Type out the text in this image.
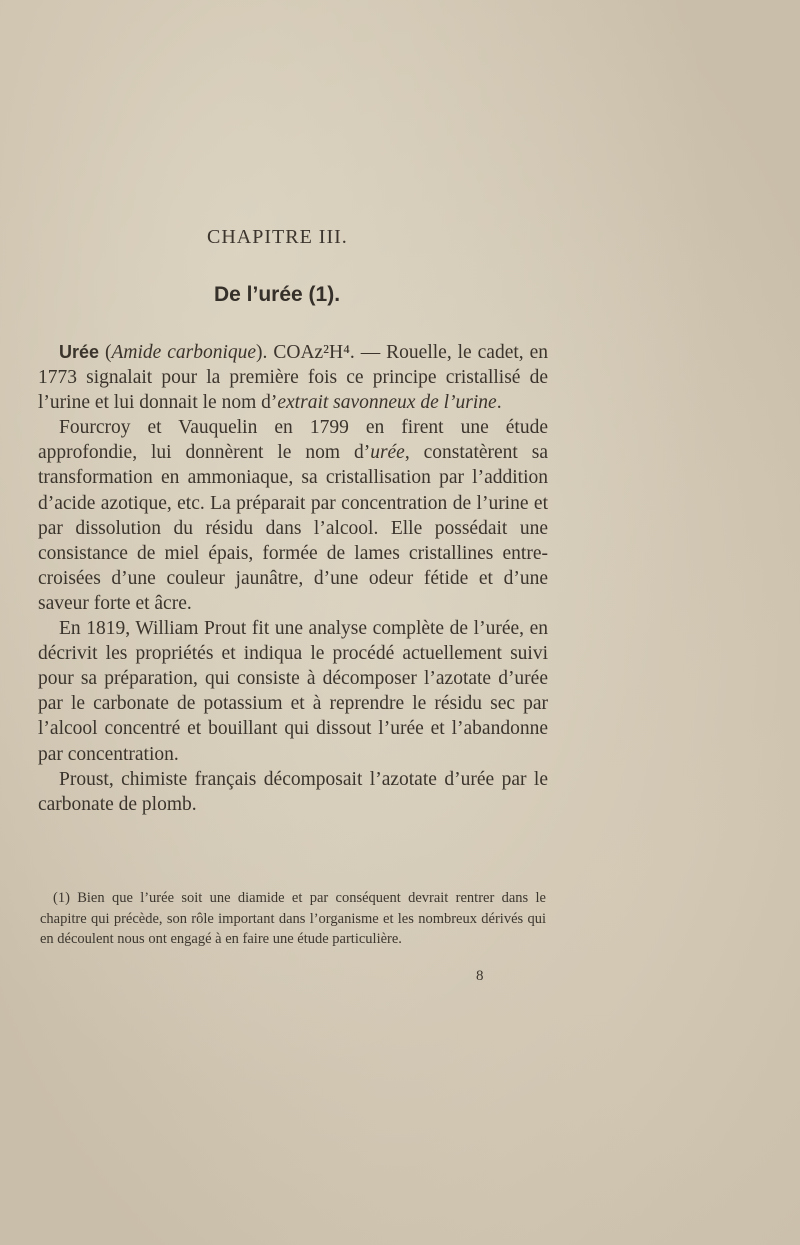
CHAPITRE III.
De l’urée (1).

Urée (Amide carbonique). COAz²H⁴. — Rouelle, le cadet, en 1773 signalait pour la première fois ce principe cristallisé de l’urine et lui donnait le nom d’extrait savonneux de l’urine.

Fourcroy et Vauquelin en 1799 en firent une étude approfondie, lui donnèrent le nom d’urée, constatèrent sa transformation en ammoniaque, sa cristallisation par l’addition d’acide azotique, etc. La préparait par concentration de l’urine et par dissolution du résidu dans l’alcool. Elle possédait une consistance de miel épais, formée de lames cristallines entre-croisées d’une couleur jaunâtre, d’une odeur fétide et d’une saveur forte et âcre.

En 1819, William Prout fit une analyse complète de l’urée, en décrivit les propriétés et indiqua le procédé actuellement suivi pour sa préparation, qui consiste à décomposer l’azotate d’urée par le carbonate de potassium et à reprendre le résidu sec par l’alcool concentré et bouillant qui dissout l’urée et l’abandonne par concentration.

Proust, chimiste français décomposait l’azotate d’urée par le carbonate de plomb.

(1) Bien que l’urée soit une diamide et par conséquent devrait rentrer dans le chapitre qui précède, son rôle important dans l’organisme et les nombreux dérivés qui en découlent nous ont engagé à en faire une étude particulière.

8
